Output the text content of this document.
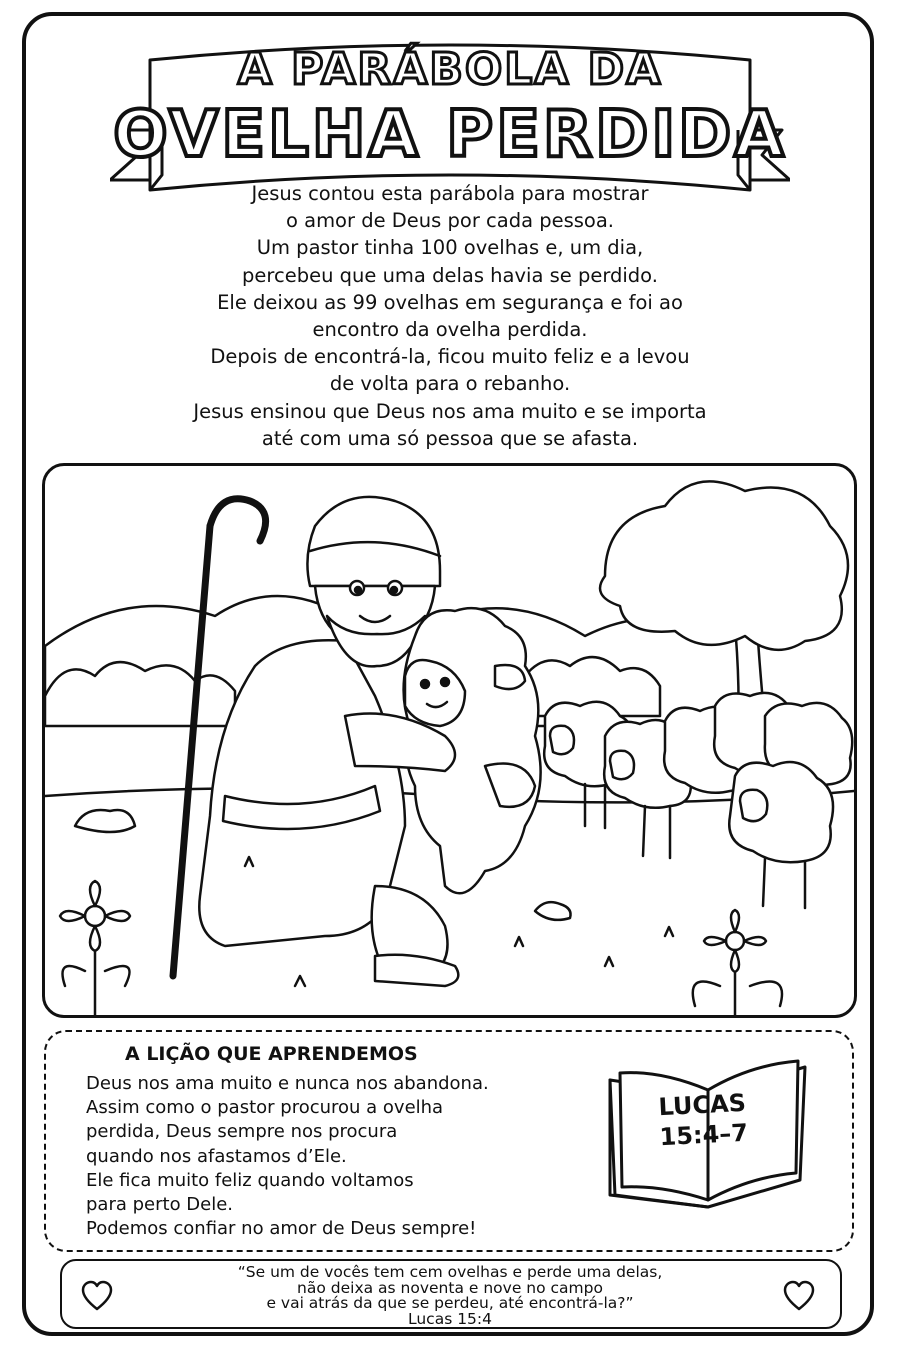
A PARÁBOLA DA
OVELHA PERDIDA
Jesus contou esta parábola para mostrar
o amor de Deus por cada pessoa.
Um pastor tinha 100 ovelhas e, um dia,
percebeu que uma delas havia se perdido.
Ele deixou as 99 ovelhas em segurança e foi ao
encontro da ovelha perdida.
Depois de encontrá-la, ficou muito feliz e a levou
de volta para o rebanho.
Jesus ensinou que Deus nos ama muito e se importa
até com uma só pessoa que se afasta.
A LIÇÃO QUE APRENDEMOS
Deus nos ama muito e nunca nos abandona.
Assim como o pastor procurou a ovelha
perdida, Deus sempre nos procura
quando nos afastamos d’Ele.
Ele fica muito feliz quando voltamos
para perto Dele.
Podemos confiar no amor de Deus sempre!
LUCAS
15:4–7
“Se um de vocês tem cem ovelhas e perde uma delas,
não deixa as noventa e nove no campo
e vai atrás da que se perdeu, até encontrá-la?”
Lucas 15:4
